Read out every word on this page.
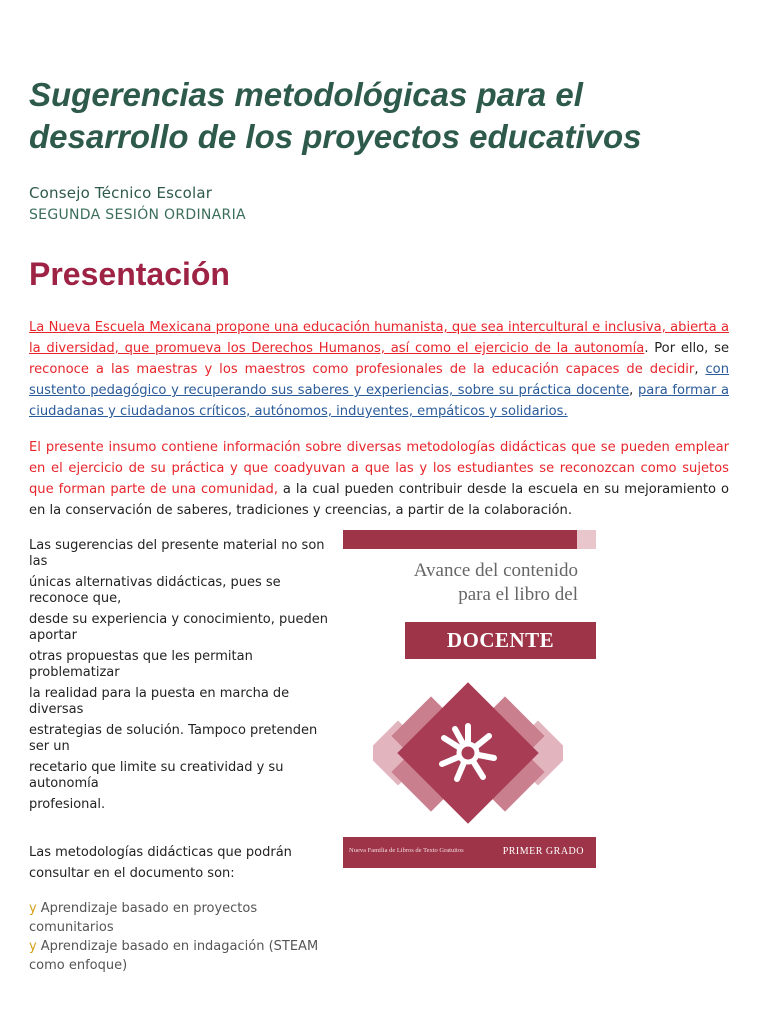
Sugerencias metodológicas para el desarrollo de los proyectos educativos
Consejo Técnico Escolar
SEGUNDA SESIÓN ORDINARIA
Presentación
La Nueva Escuela Mexicana propone una educación humanista, que sea intercultural e inclusiva, abierta a la diversidad, que promueva los Derechos Humanos, así como el ejercicio de la autonomía. Por ello, se reconoce a las maestras y los maestros como profesionales de la educación capaces de decidir, con sustento pedagógico y recuperando sus saberes y experiencias, sobre su práctica docente, para formar a ciudadanas y ciudadanos críticos, autónomos, induyentes, empáticos y solidarios.
El presente insumo contiene información sobre diversas metodologías didácticas que se pueden emplear en el ejercicio de su práctica y que coadyuvan a que las y los estudiantes se reconozcan como sujetos que forman parte de una comunidad, a la cual pueden contribuir desde la escuela en su mejoramiento o en la conservación de saberes, tradiciones y creencias, a partir de la colaboración.
Las sugerencias del presente material no son las
únicas alternativas didácticas, pues se reconoce que,
desde su experiencia y conocimiento, pueden aportar
otras propuestas que les permitan problematizar
la realidad para la puesta en marcha de diversas
estrategias de solución. Tampoco pretenden ser un
recetario que limite su creatividad y su autonomía
profesional.
Las metodologías didácticas que podrán consultar en el documento son:
y Aprendizaje basado en proyectos comunitarios
y Aprendizaje basado en indagación (STEAM como enfoque)
Avance del contenido
para el libro del
DOCENTE
Nueva Familia de Libros de Texto Gratuitos	PRIMER GRADO
